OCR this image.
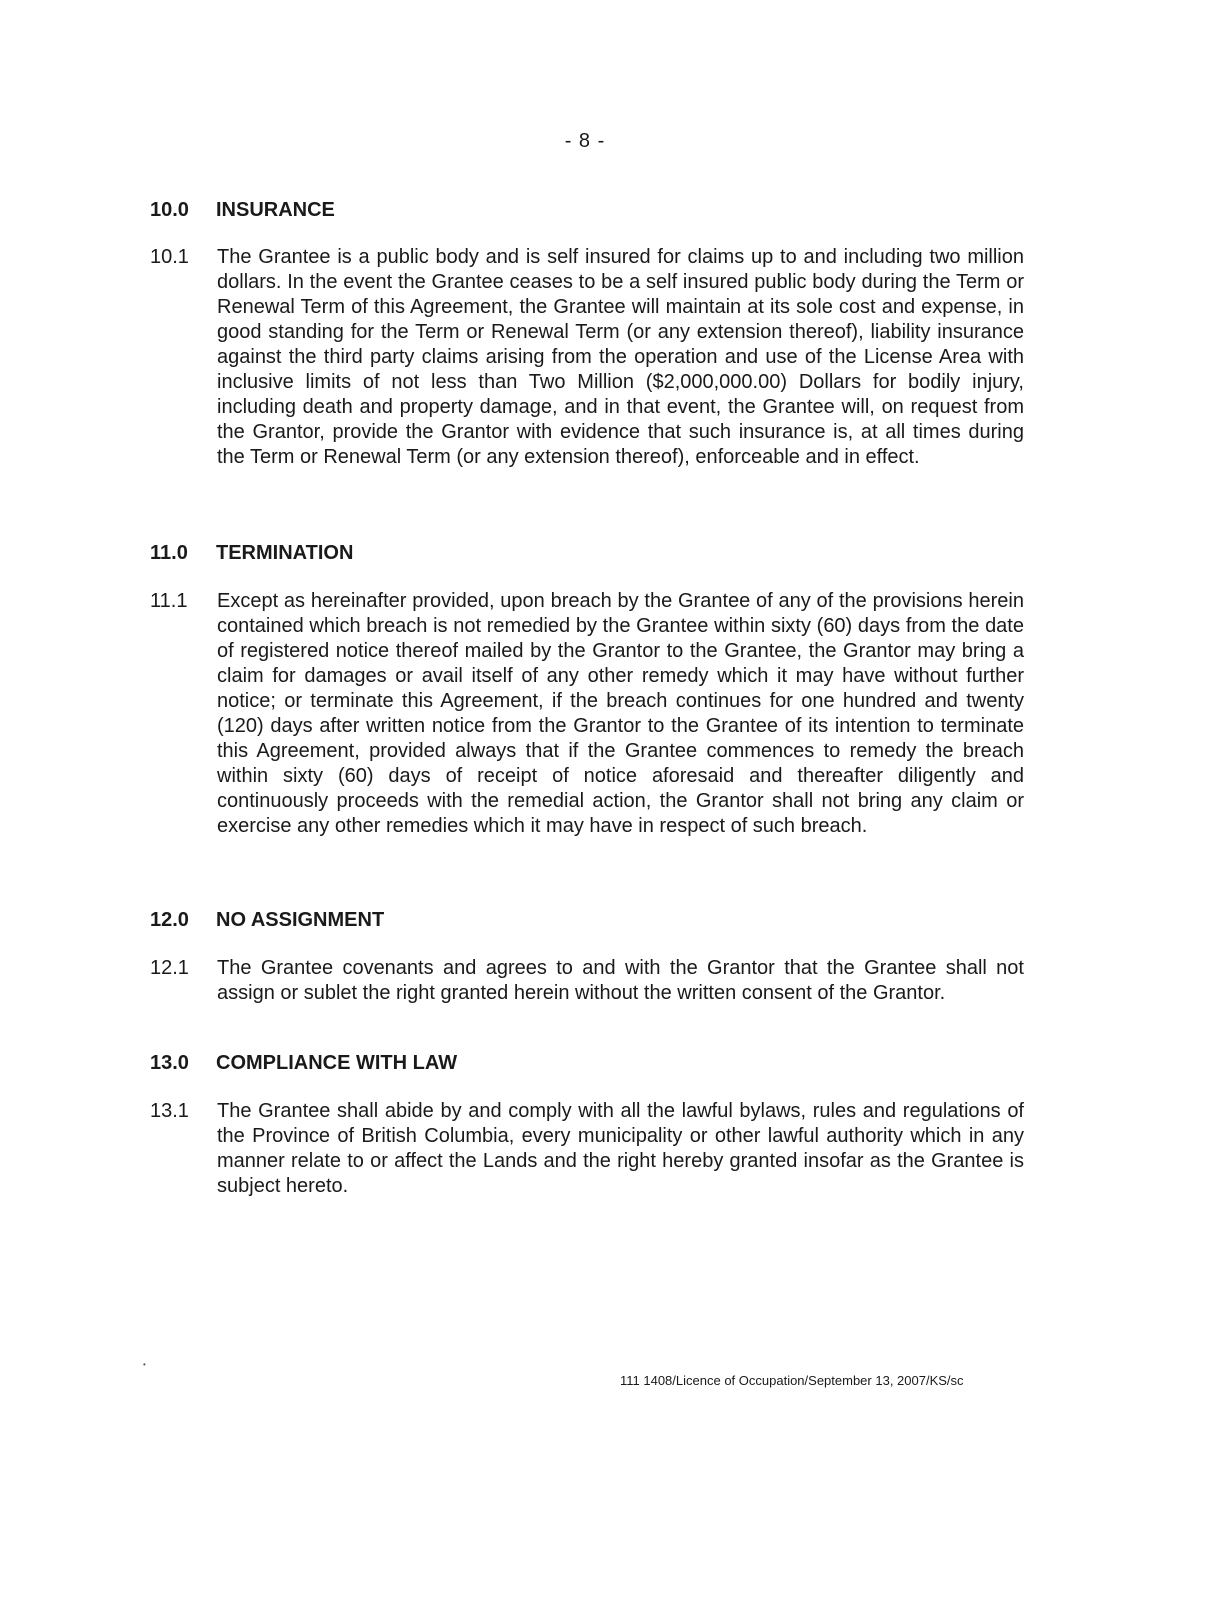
- 8 -
10.0 INSURANCE
10.1 The Grantee is a public body and is self insured for claims up to and including two million dollars. In the event the Grantee ceases to be a self insured public body during the Term or Renewal Term of this Agreement, the Grantee will maintain at its sole cost and expense, in good standing for the Term or Renewal Term (or any extension thereof), liability insurance against the third party claims arising from the operation and use of the License Area with inclusive limits of not less than Two Million ($2,000,000.00) Dollars for bodily injury, including death and property damage, and in that event, the Grantee will, on request from the Grantor, provide the Grantor with evidence that such insurance is, at all times during the Term or Renewal Term (or any extension thereof), enforceable and in effect.
11.0 TERMINATION
11.1 Except as hereinafter provided, upon breach by the Grantee of any of the provisions herein contained which breach is not remedied by the Grantee within sixty (60) days from the date of registered notice thereof mailed by the Grantor to the Grantee, the Grantor may bring a claim for damages or avail itself of any other remedy which it may have without further notice; or terminate this Agreement, if the breach continues for one hundred and twenty (120) days after written notice from the Grantor to the Grantee of its intention to terminate this Agreement, provided always that if the Grantee commences to remedy the breach within sixty (60) days of receipt of notice aforesaid and thereafter diligently and continuously proceeds with the remedial action, the Grantor shall not bring any claim or exercise any other remedies which it may have in respect of such breach.
12.0 NO ASSIGNMENT
12.1 The Grantee covenants and agrees to and with the Grantor that the Grantee shall not assign or sublet the right granted herein without the written consent of the Grantor.
13.0 COMPLIANCE WITH LAW
13.1 The Grantee shall abide by and comply with all the lawful bylaws, rules and regulations of the Province of British Columbia, every municipality or other lawful authority which in any manner relate to or affect the Lands and the right hereby granted insofar as the Grantee is subject hereto.
•
111 1408/Licence of Occupation/September 13, 2007/KS/sc
